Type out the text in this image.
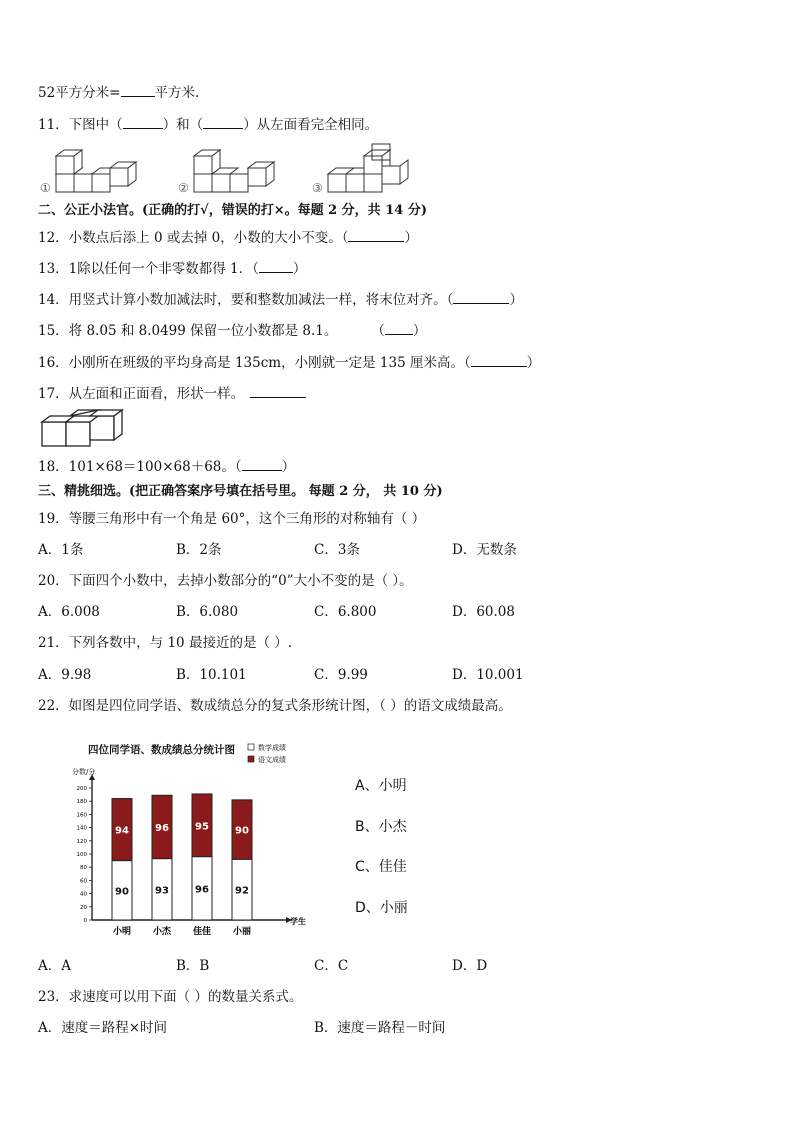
52平方分米=	平方米.
11．下图中（	）和（	）从左面看完全相同。
①	②	③
二、公正小法官。(正确的打√，错误的打×。每题 2 分，共 14 分)
12．小数点后添上 0 或去掉 0，小数的大小不变。（	）
13．1除以任何一个非零数都得 1．（	）
14．用竖式计算小数加减法时，要和整数加减法一样，将末位对齐。（	）
15．将 8.05 和 8.0499 保留一位小数都是 8.1。	（ ）
16．小刚所在班级的平均身高是 135cm，小刚就一定是 135 厘米高。（	）
17．从左面和正面看，形状一样。
18．101×68＝100×68＋68。（	）
三、精挑细选。(把正确答案序号填在括号里。 每题 2 分， 共 10 分)
19．等腰三角形中有一个角是 60°，这个三角形的对称轴有（ ）
A．1条	B．2条	C．3条	D．无数条
20．下面四个小数中，去掉小数部分的“0”大小不变的是（ ）。
A．6.008	B．6.080	C．6.800	D．60.08
21．下列各数中，与 10 最接近的是（ ）.
A．9.98	B．10.101	C．9.99	D．10.001
22．如图是四位同学语、数成绩总分的复式条形统计图，（ ）的语文成绩最高。
四位同学语、数成绩总分统计图
分数/分
学生
0
20
40
60
80
100
120
140
160
180
200
数学成绩
语文成绩
90
94
小明
93
96
小杰
96
95
佳佳
92
90
小丽
A、小明
B、小杰
C、佳佳
D、小丽
A．A	B．B	C．C	D．D
23．求速度可以用下面（ ）的数量关系式。
A．速度＝路程×时间	B．速度＝路程－时间
